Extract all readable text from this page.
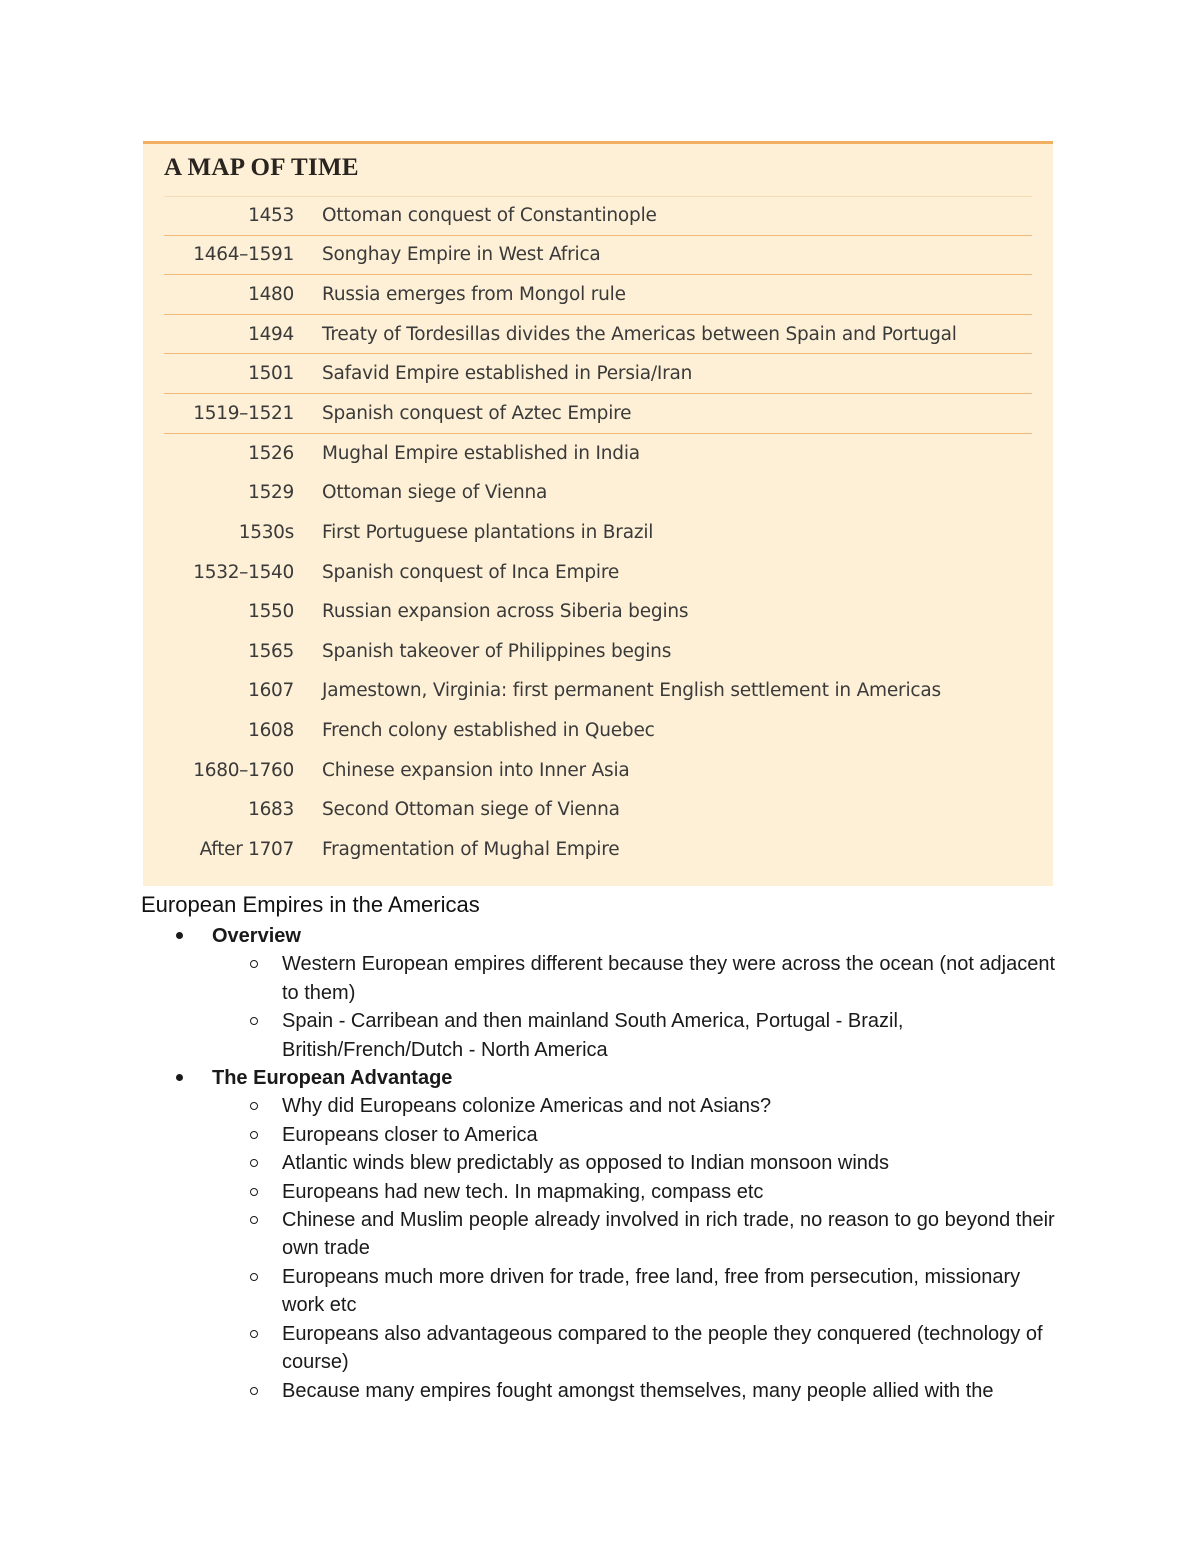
A MAP OF TIME
1453 Ottoman conquest of Constantinople
1464–1591 Songhay Empire in West Africa
1480 Russia emerges from Mongol rule
1494 Treaty of Tordesillas divides the Americas between Spain and Portugal
1501 Safavid Empire established in Persia/Iran
1519–1521 Spanish conquest of Aztec Empire
1526 Mughal Empire established in India
1529 Ottoman siege of Vienna
1530s First Portuguese plantations in Brazil
1532–1540 Spanish conquest of Inca Empire
1550 Russian expansion across Siberia begins
1565 Spanish takeover of Philippines begins
1607 Jamestown, Virginia: first permanent English settlement in Americas
1608 French colony established in Quebec
1680–1760 Chinese expansion into Inner Asia
1683 Second Ottoman siege of Vienna
After 1707 Fragmentation of Mughal Empire
European Empires in the Americas
Overview
Western European empires different because they were across the ocean (not adjacent to them)
Spain - Carribean and then mainland South America, Portugal - Brazil, British/French/Dutch - North America
The European Advantage
Why did Europeans colonize Americas and not Asians?
Europeans closer to America
Atlantic winds blew predictably as opposed to Indian monsoon winds
Europeans had new tech. In mapmaking, compass etc
Chinese and Muslim people already involved in rich trade, no reason to go beyond their own trade
Europeans much more driven for trade, free land, free from persecution, missionary work etc
Europeans also advantageous compared to the people they conquered (technology of course)
Because many empires fought amongst themselves, many people allied with the
